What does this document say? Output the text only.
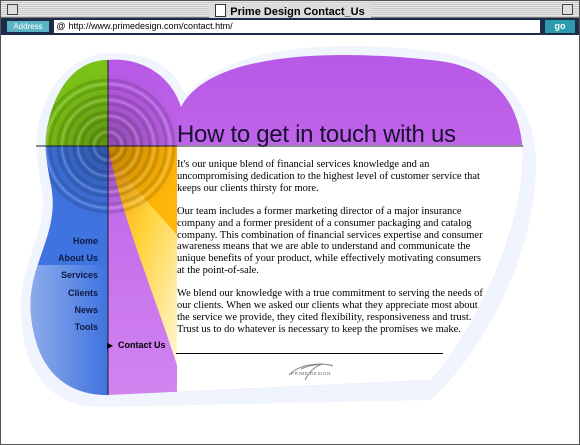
Prime Design Contact_Us
Address	@ http://www.primedesign.com/contact.htm/	go
Home
About Us
Services
Clients
News
Tools
▶ Contact Us
How to get in touch with us

It's our unique blend of financial services knowledge and an uncompromising dedication to the highest level of customer service that keeps our clients thirsty for more.

Our team includes a former marketing director of a major insurance company and a former president of a consumer packaging and catalog company. This combination of financial services expertise and consumer awareness means that we are able to understand and communicate the unique benefits of your product, while effectively motivating consumers at the point-of-sale.

We blend our knowledge with a true commitment to serving the needs of our clients. When we asked our clients what they appreciate most about the service we provide, they cited flexibility, responsiveness and trust. Trust us to do whatever is necessary to keep the promises we make.

PRIME DESIGN
